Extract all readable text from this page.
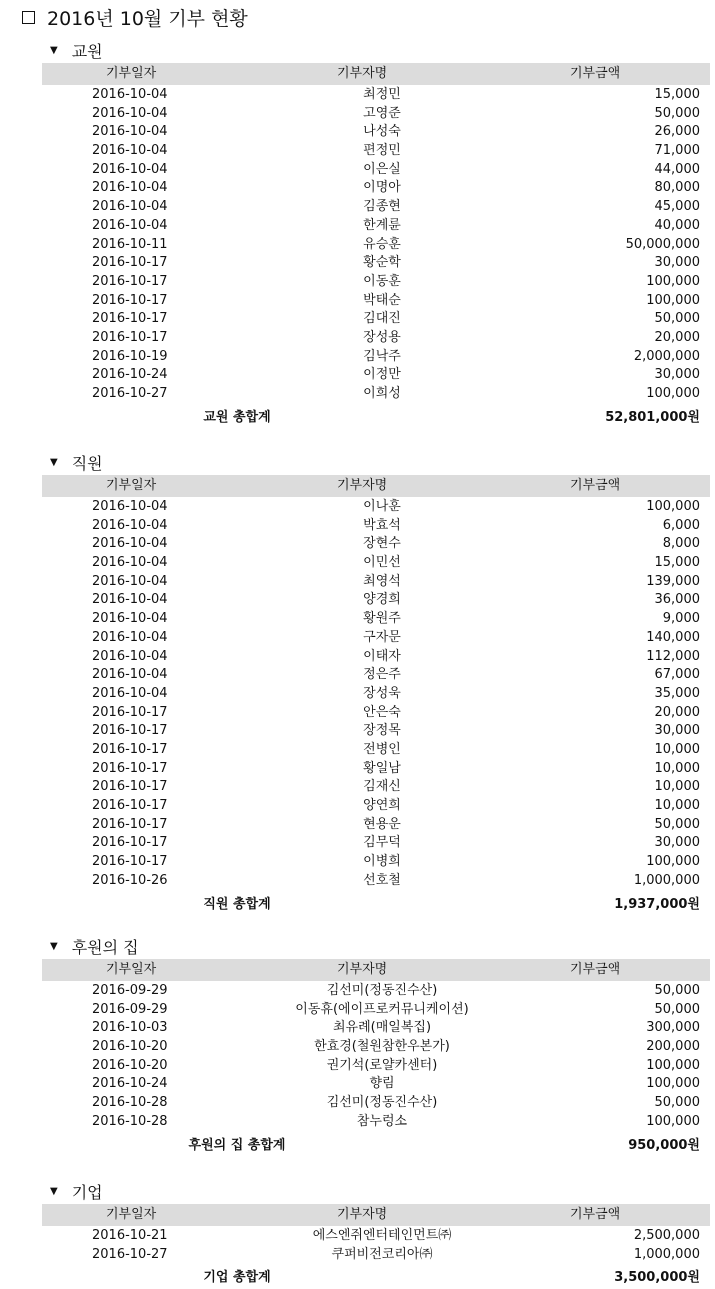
2016년 10월 기부 현황
▼ 교원
기부일자	기부자명	기부금액
2016-10-04	최정민	15,000
2016-10-04	고영준	50,000
2016-10-04	나성숙	26,000
2016-10-04	편정민	71,000
2016-10-04	이은실	44,000
2016-10-04	이명아	80,000
2016-10-04	김종현	45,000
2016-10-04	한계륜	40,000
2016-10-11	유승훈	50,000,000
2016-10-17	황순학	30,000
2016-10-17	이동훈	100,000
2016-10-17	박태순	100,000
2016-10-17	김대진	50,000
2016-10-17	장성용	20,000
2016-10-19	김낙주	2,000,000
2016-10-24	이정만	30,000
2016-10-27	이희성	100,000
교원 총합계	52,801,000원
▼ 직원
기부일자	기부자명	기부금액
2016-10-04	이나훈	100,000
2016-10-04	박효석	6,000
2016-10-04	장현수	8,000
2016-10-04	이민선	15,000
2016-10-04	최영석	139,000
2016-10-04	양경희	36,000
2016-10-04	황원주	9,000
2016-10-04	구자문	140,000
2016-10-04	이태자	112,000
2016-10-04	정은주	67,000
2016-10-04	장성욱	35,000
2016-10-17	안은숙	20,000
2016-10-17	장정목	30,000
2016-10-17	전병인	10,000
2016-10-17	황일남	10,000
2016-10-17	김재신	10,000
2016-10-17	양연희	10,000
2016-10-17	현용운	50,000
2016-10-17	김무덕	30,000
2016-10-17	이병희	100,000
2016-10-26	선호철	1,000,000
직원 총합계	1,937,000원
▼ 후원의 집
기부일자	기부자명	기부금액
2016-09-29	김선미(정동진수산)	50,000
2016-09-29	이동휴(에이프로커뮤니케이션)	50,000
2016-10-03	최유례(매일복집)	300,000
2016-10-20	한효경(철원참한우본가)	200,000
2016-10-20	권기석(로얄카센터)	100,000
2016-10-24	향림	100,000
2016-10-28	김선미(정동진수산)	50,000
2016-10-28	참누렁소	100,000
후원의 집 총합계	950,000원
▼ 기업
기부일자	기부자명	기부금액
2016-10-21	에스엔쥐엔터테인먼트㈜	2,500,000
2016-10-27	쿠퍼비전코리아㈜	1,000,000
기업 총합계	3,500,000원
